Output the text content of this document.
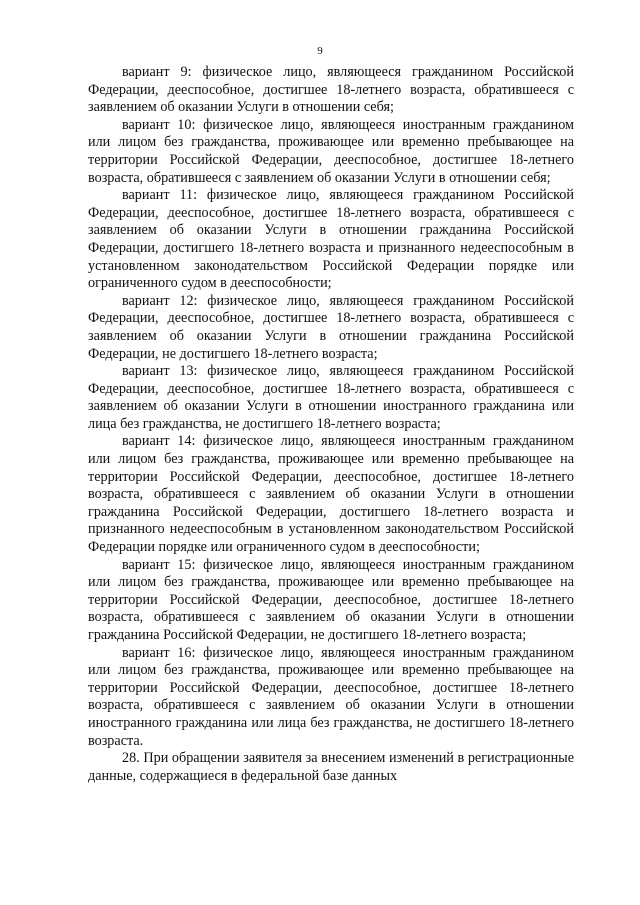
9

вариант 9: физическое лицо, являющееся гражданином Российской Федерации, дееспособное, достигшее 18-летнего возраста, обратившееся с заявлением об оказании Услуги в отношении себя;

вариант 10: физическое лицо, являющееся иностранным гражданином или лицом без гражданства, проживающее или временно пребывающее на территории Российской Федерации, дееспособное, достигшее 18-летнего возраста, обратившееся с заявлением об оказании Услуги в отношении себя;

вариант 11: физическое лицо, являющееся гражданином Российской Федерации, дееспособное, достигшее 18-летнего возраста, обратившееся с заявлением об оказании Услуги в отношении гражданина Российской Федерации, достигшего 18-летнего возраста и признанного недееспособным в установленном законодательством Российской Федерации порядке или ограниченного судом в дееспособности;

вариант 12: физическое лицо, являющееся гражданином Российской Федерации, дееспособное, достигшее 18-летнего возраста, обратившееся с заявлением об оказании Услуги в отношении гражданина Российской Федерации, не достигшего 18-летнего возраста;

вариант 13: физическое лицо, являющееся гражданином Российской Федерации, дееспособное, достигшее 18-летнего возраста, обратившееся с заявлением об оказании Услуги в отношении иностранного гражданина или лица без гражданства, не достигшего 18-летнего возраста;

вариант 14: физическое лицо, являющееся иностранным гражданином или лицом без гражданства, проживающее или временно пребывающее на территории Российской Федерации, дееспособное, достигшее 18-летнего возраста, обратившееся с заявлением об оказании Услуги в отношении гражданина Российской Федерации, достигшего 18-летнего возраста и признанного недееспособным в установленном законодательством Российской Федерации порядке или ограниченного судом в дееспособности;

вариант 15: физическое лицо, являющееся иностранным гражданином или лицом без гражданства, проживающее или временно пребывающее на территории Российской Федерации, дееспособное, достигшее 18-летнего возраста, обратившееся с заявлением об оказании Услуги в отношении гражданина Российской Федерации, не достигшего 18-летнего возраста;

вариант 16: физическое лицо, являющееся иностранным гражданином или лицом без гражданства, проживающее или временно пребывающее на территории Российской Федерации, дееспособное, достигшее 18-летнего возраста, обратившееся с заявлением об оказании Услуги в отношении иностранного гражданина или лица без гражданства, не достигшего 18-летнего возраста.

28. При обращении заявителя за внесением изменений в регистрационные данные, содержащиеся в федеральной базе данных
